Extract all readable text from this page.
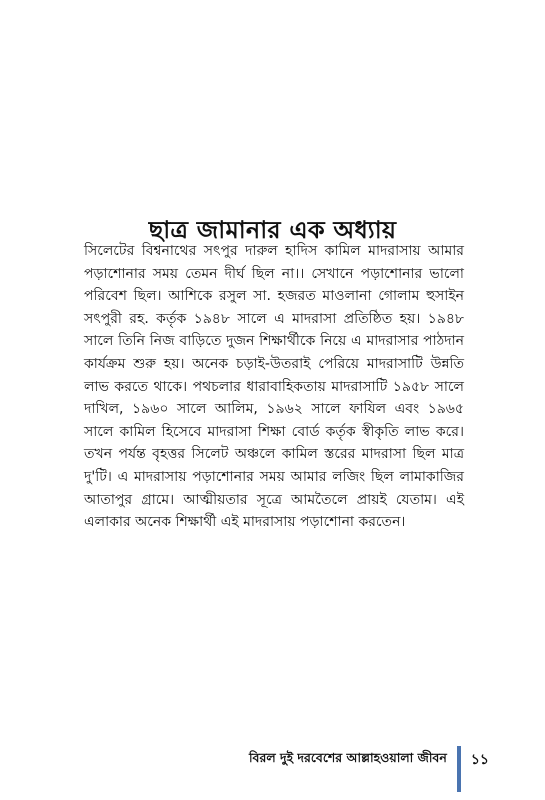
ছাত্র জামানার এক অধ্যায়

সিলেটের বিশ্বনাথের সৎপুর দারুল হাদিস কামিল মাদরাসায় আমার পড়াশোনার সময় তেমন দীর্ঘ ছিল না।। সেখানে পড়াশোনার ভালো পরিবেশ ছিল। আশিকে রসুল সা. হজরত মাওলানা গোলাম হুসাইন সৎপুরী রহ. কর্তৃক ১৯৪৮ সালে এ মাদরাসা প্রতিষ্ঠিত হয়। ১৯৪৮ সালে তিনি নিজ বাড়িতে দুজন শিক্ষার্থীকে নিয়ে এ মাদরাসার পাঠদান কার্যক্রম শুরু হয়। অনেক চড়াই-উতরাই পেরিয়ে মাদরাসাটি উন্নতি লাভ করতে থাকে। পথচলার ধারাবাহিকতায় মাদরাসাটি ১৯৫৮ সালে দাখিল, ১৯৬০ সালে আলিম, ১৯৬২ সালে ফাযিল এবং ১৯৬৫ সালে কামিল হিসেবে মাদরাসা শিক্ষা বোর্ড কর্তৃক স্বীকৃতি লাভ করে। তখন পর্যন্ত বৃহত্তর সিলেট অঞ্চলে কামিল স্তরের মাদরাসা ছিল মাত্র দু'টি। এ মাদরাসায় পড়াশোনার সময় আমার লজিং ছিল লামাকাজির আতাপুর গ্রামে। আত্মীয়তার সূত্রে আমতৈলে প্রায়ই যেতাম। এই এলাকার অনেক শিক্ষার্থী এই মাদরাসায় পড়াশোনা করতেন।

বিরল দুই দরবেশের আল্লাহওয়ালা জীবন	১১
